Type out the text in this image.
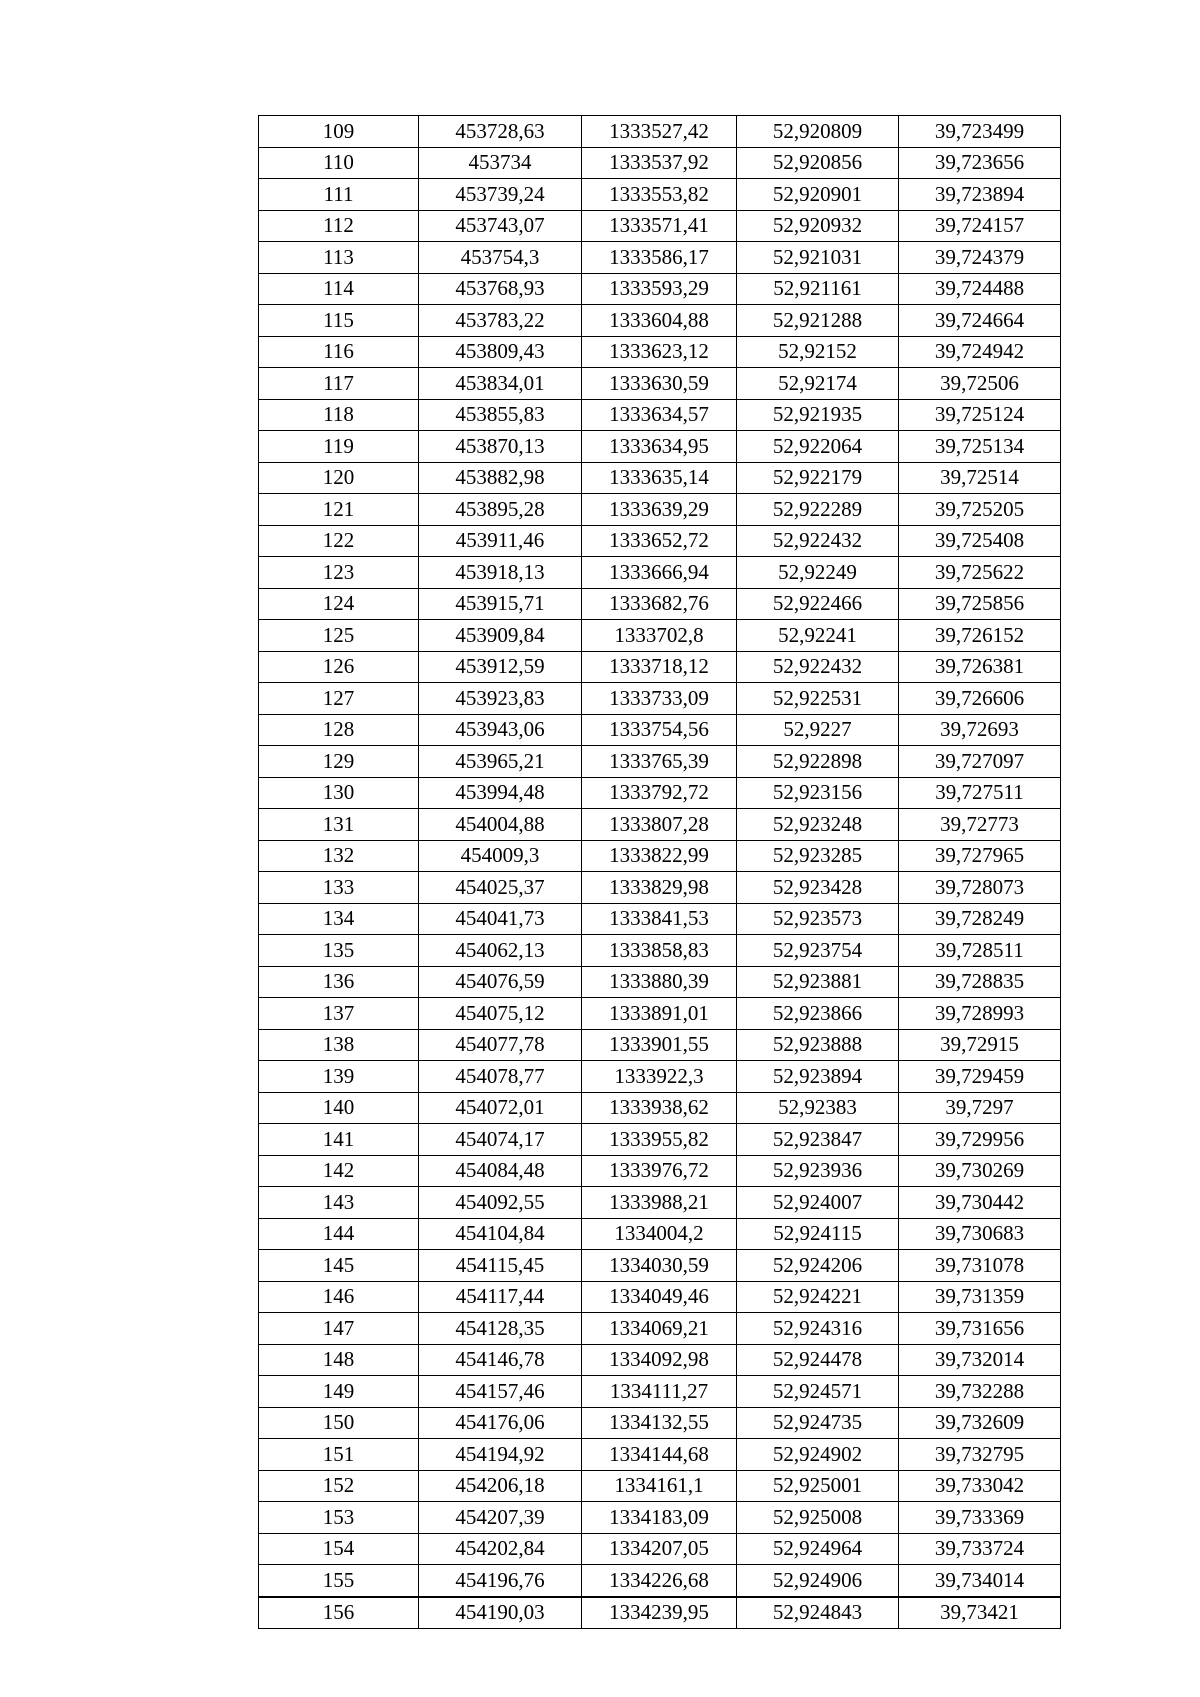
109	453728,63	1333527,42	52,920809	39,723499
110	453734	1333537,92	52,920856	39,723656
111	453739,24	1333553,82	52,920901	39,723894
112	453743,07	1333571,41	52,920932	39,724157
113	453754,3	1333586,17	52,921031	39,724379
114	453768,93	1333593,29	52,921161	39,724488
115	453783,22	1333604,88	52,921288	39,724664
116	453809,43	1333623,12	52,92152	39,724942
117	453834,01	1333630,59	52,92174	39,72506
118	453855,83	1333634,57	52,921935	39,725124
119	453870,13	1333634,95	52,922064	39,725134
120	453882,98	1333635,14	52,922179	39,72514
121	453895,28	1333639,29	52,922289	39,725205
122	453911,46	1333652,72	52,922432	39,725408
123	453918,13	1333666,94	52,92249	39,725622
124	453915,71	1333682,76	52,922466	39,725856
125	453909,84	1333702,8	52,92241	39,726152
126	453912,59	1333718,12	52,922432	39,726381
127	453923,83	1333733,09	52,922531	39,726606
128	453943,06	1333754,56	52,9227	39,72693
129	453965,21	1333765,39	52,922898	39,727097
130	453994,48	1333792,72	52,923156	39,727511
131	454004,88	1333807,28	52,923248	39,72773
132	454009,3	1333822,99	52,923285	39,727965
133	454025,37	1333829,98	52,923428	39,728073
134	454041,73	1333841,53	52,923573	39,728249
135	454062,13	1333858,83	52,923754	39,728511
136	454076,59	1333880,39	52,923881	39,728835
137	454075,12	1333891,01	52,923866	39,728993
138	454077,78	1333901,55	52,923888	39,72915
139	454078,77	1333922,3	52,923894	39,729459
140	454072,01	1333938,62	52,92383	39,7297
141	454074,17	1333955,82	52,923847	39,729956
142	454084,48	1333976,72	52,923936	39,730269
143	454092,55	1333988,21	52,924007	39,730442
144	454104,84	1334004,2	52,924115	39,730683
145	454115,45	1334030,59	52,924206	39,731078
146	454117,44	1334049,46	52,924221	39,731359
147	454128,35	1334069,21	52,924316	39,731656
148	454146,78	1334092,98	52,924478	39,732014
149	454157,46	1334111,27	52,924571	39,732288
150	454176,06	1334132,55	52,924735	39,732609
151	454194,92	1334144,68	52,924902	39,732795
152	454206,18	1334161,1	52,925001	39,733042
153	454207,39	1334183,09	52,925008	39,733369
154	454202,84	1334207,05	52,924964	39,733724
155	454196,76	1334226,68	52,924906	39,734014
156	454190,03	1334239,95	52,924843	39,73421
